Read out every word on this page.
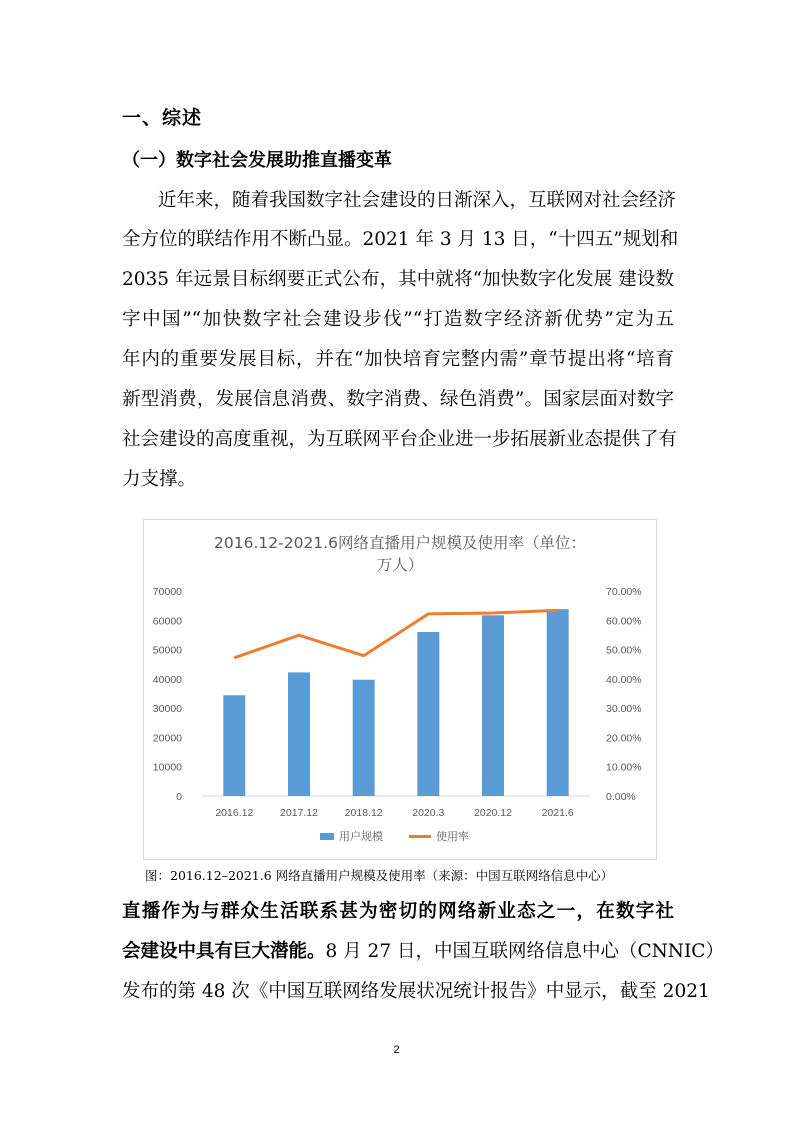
一、综述
（一）数字社会发展助推直播变革
近年来，随着我国数字社会建设的日渐深入，互联网对社会经济
全方位的联结作用不断凸显。2021 年 3 月 13 日，“十四五”规划和
2035 年远景目标纲要正式公布，其中就将“加快数字化发展 建设数
字中国”“加快数字社会建设步伐”“打造数字经济新优势”定为五
年内的重要发展目标，并在“加快培育完整内需”章节提出将“培育
新型消费，发展信息消费、数字消费、绿色消费”。国家层面对数字
社会建设的高度重视，为互联网平台企业进一步拓展新业态提供了有
力支撑。
2016.12-2021.6网络直播用户规模及使用率（单位：
万人）
0
10000
20000
30000
40000
50000
60000
70000
0.00%
10.00%
20.00%
30.00%
40.00%
50.00%
60.00%
70.00%
2016.12	2017.12	2018.12	2020.3	2020.12	2021.6
用户规模	使用率
图：2016.12–2021.6 网络直播用户规模及使用率（来源：中国互联网络信息中心）
直播作为与群众生活联系甚为密切的网络新业态之一，在数字社
会建设中具有巨大潜能。8 月 27 日，中国互联网络信息中心（CNNIC）
发布的第 48 次《中国互联网络发展状况统计报告》中显示，截至 2021
2
